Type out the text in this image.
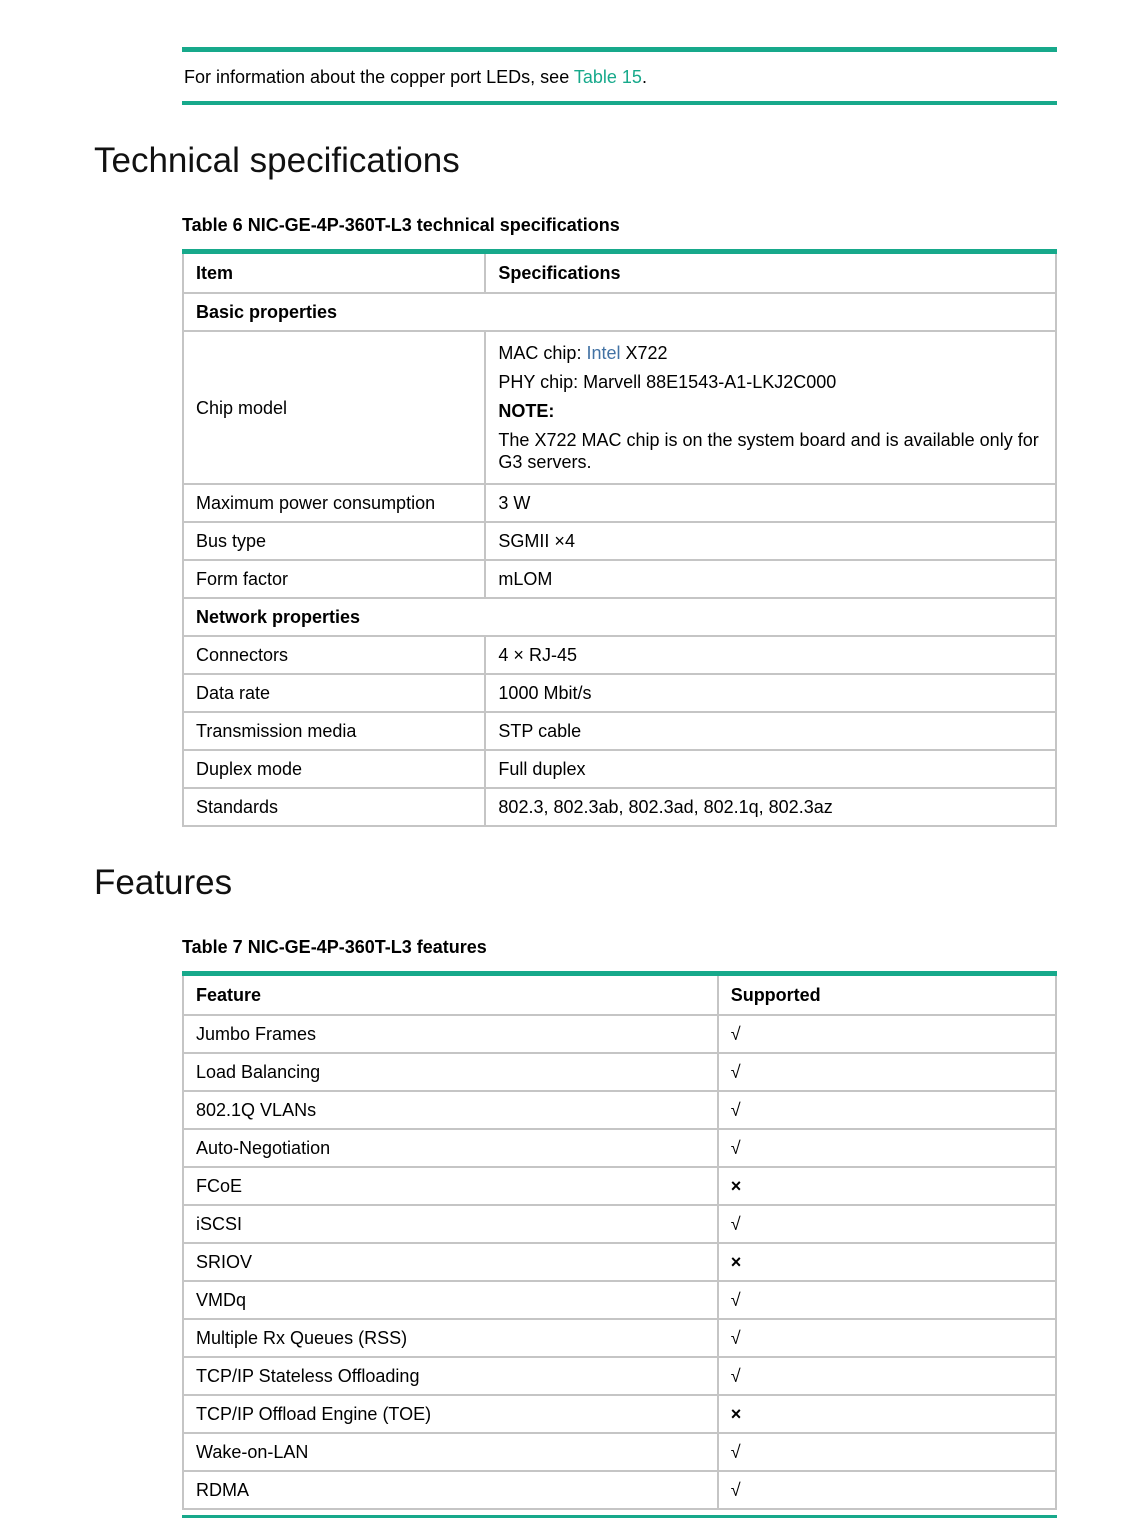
For information about the copper port LEDs, see Table 15.
Technical specifications
Table 6 NIC-GE-4P-360T-L3 technical specifications
Item	Specifications
Basic properties	
Chip model	MAC chip: Intel X722
PHY chip: Marvell 88E1543-A1-LKJ2C000
NOTE:
The X722 MAC chip is on the system board and is available only for G3 servers.

Maximum power consumption	3 W
Bus type	SGMII ×4
Form factor	mLOM
Network properties	
Connectors	4 × RJ-45
Data rate	1000 Mbit/s
Transmission media	STP cable
Duplex mode	Full duplex
Standards	802.3, 802.3ab, 802.3ad, 802.1q, 802.3az
Features
Table 7 NIC-GE-4P-360T-L3 features
Feature	Supported
Jumbo Frames	√
Load Balancing	√
802.1Q VLANs	√
Auto-Negotiation	√
FCoE	×
iSCSI	√
SRIOV	×
VMDq	√
Multiple Rx Queues (RSS)	√
TCP/IP Stateless Offloading	√
TCP/IP Offload Engine (TOE)	×
Wake-on-LAN	√
RDMA	√
